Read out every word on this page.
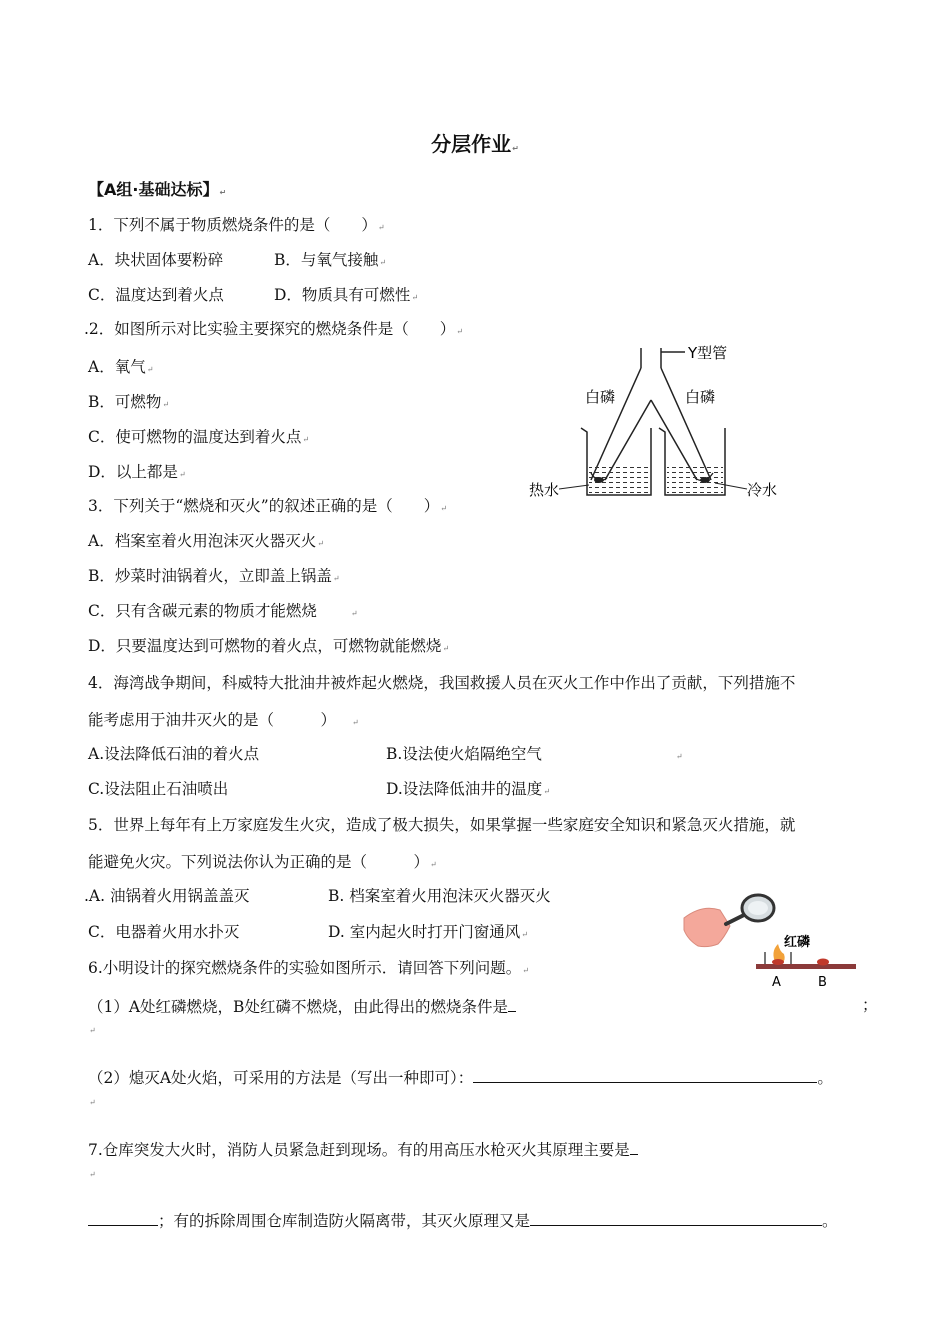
分层作业↵
【A组·基础达标】↵
1．下列不属于物质燃烧条件的是（　　）↵
A．块状固体要粉碎	B．与氧气接触↵
C．温度达到着火点	D．物质具有可燃性↵
.2．如图所示对比实验主要探究的燃烧条件是（　　）↵
A．氧气↵
B．可燃物↵
C．使可燃物的温度达到着火点↵
D．以上都是↵
Y型管
白磷	白磷
热水	冷水
3．下列关于“燃烧和灭火”的叙述正确的是（　　）↵
A．档案室着火用泡沫灭火器灭火↵
B．炒菜时油锅着火，立即盖上锅盖↵
C．只有含碳元素的物质才能燃烧	↵
D．只要温度达到可燃物的着火点，可燃物就能燃烧↵
4．海湾战争期间，科威特大批油井被炸起火燃烧，我国救援人员在灭火工作中作出了贡献，下列措施不
能考虑用于油井灭火的是（　　　） ↵
A.设法降低石油的着火点	B.设法使火焰隔绝空气	↵
C.设法阻止石油喷出	D.设法降低油井的温度↵
5．世界上每年有上万家庭发生火灾，造成了极大损失，如果掌握一些家庭安全知识和紧急灭火措施，就
能避免火灾。下列说法你认为正确的是（　　　）↵
.A. 油锅着火用锅盖盖灭	B. 档案室着火用泡沫灭火器灭火
C．电器着火用水扑灭	D. 室内起火时打开门窗通风↵
红磷
A	B
6.小明设计的探究燃烧条件的实验如图所示．请回答下列问题。↵
（1）A处红磷燃烧，B处红磷不燃烧，由此得出的燃烧条件是	；
↵
（2）熄灭A处火焰，可采用的方法是（写出一种即可）：	。
↵
7.仓库突发大火时，消防人员紧急赶到现场。有的用高压水枪灭火其原理主要是
↵
；有的拆除周围仓库制造防火隔离带，其灭火原理又是	。
